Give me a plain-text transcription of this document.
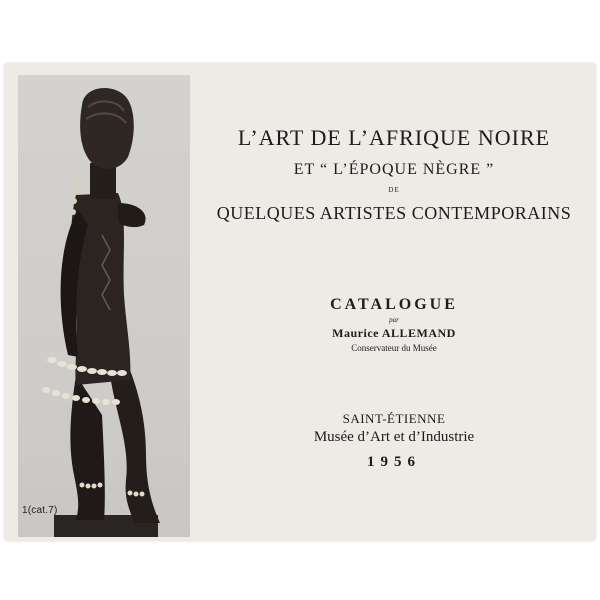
1(cat.7)
L’ART DE L’AFRIQUE NOIRE
ET “ L’ÉPOQUE NÈGRE ”
DE
QUELQUES ARTISTES CONTEMPORAINS
CATALOGUE
par
Maurice ALLEMAND
Conservateur du Musée
SAINT-ÉTIENNE
Musée d’Art et d’Industrie
1956
